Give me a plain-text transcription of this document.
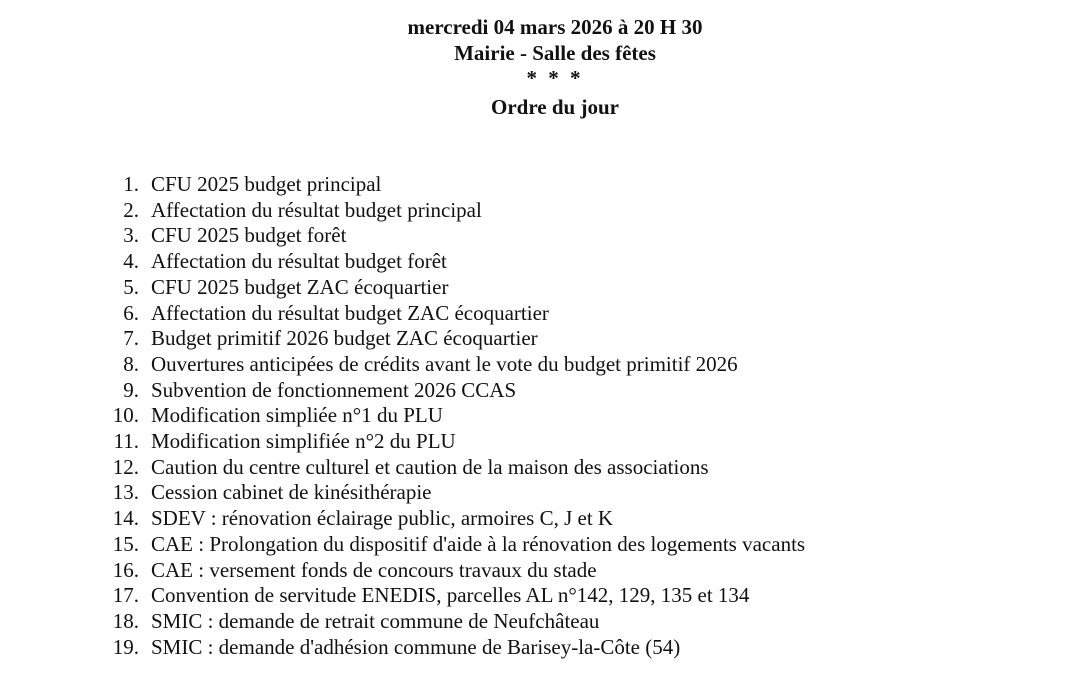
mercredi 04 mars 2026 à 20 H 30
Mairie - Salle des fêtes
* * *
Ordre du jour
1. CFU 2025 budget principal
2. Affectation du résultat budget principal
3. CFU 2025 budget forêt
4. Affectation du résultat budget forêt
5. CFU 2025 budget ZAC écoquartier
6. Affectation du résultat budget ZAC écoquartier
7. Budget primitif 2026 budget ZAC écoquartier
8. Ouvertures anticipées de crédits avant le vote du budget primitif 2026
9. Subvention de fonctionnement 2026 CCAS
10. Modification simpliée n°1 du PLU
11. Modification simplifiée n°2 du PLU
12. Caution du centre culturel et caution de la maison des associations
13. Cession cabinet de kinésithérapie
14. SDEV : rénovation éclairage public, armoires C, J et K
15. CAE : Prolongation du dispositif d'aide à la rénovation des logements vacants
16. CAE : versement fonds de concours travaux du stade
17. Convention de servitude ENEDIS, parcelles AL n°142, 129, 135 et 134
18. SMIC : demande de retrait commune de Neufchâteau
19. SMIC : demande d'adhésion commune de Barisey-la-Côte (54)
